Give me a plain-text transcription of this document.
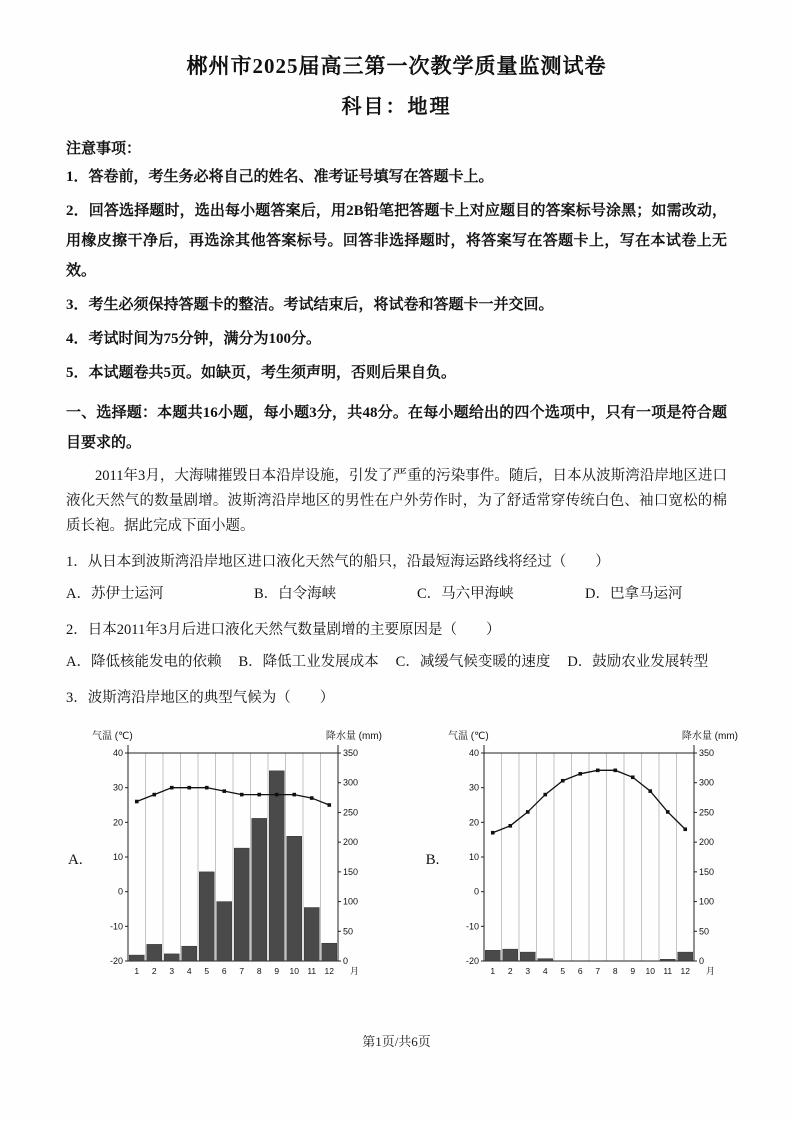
郴州市2025届高三第一次教学质量监测试卷
科目：地理
注意事项：
1．答卷前，考生务必将自己的姓名、准考证号填写在答题卡上。
2．回答选择题时，选出每小题答案后，用2B铅笔把答题卡上对应题目的答案标号涂黑；如需改动，用橡皮擦干净后，再选涂其他答案标号。回答非选择题时，将答案写在答题卡上，写在本试卷上无效。
3．考生必须保持答题卡的整洁。考试结束后，将试卷和答题卡一并交回。
4．考试时间为75分钟，满分为100分。
5．本试题卷共5页。如缺页，考生须声明，否则后果自负。
一、选择题：本题共16小题，每小题3分，共48分。在每小题给出的四个选项中，只有一项是符合题目要求的。
2011年3月，大海啸摧毁日本沿岸设施，引发了严重的污染事件。随后，日本从波斯湾沿岸地区进口液化天然气的数量剧增。波斯湾沿岸地区的男性在户外劳作时，为了舒适常穿传统白色、袖口宽松的棉质长袍。据此完成下面小题。
1．从日本到波斯湾沿岸地区进口液化天然气的船只，沿最短海运路线将经过（　　）
A．苏伊士运河	B．白令海峡	C．马六甲海峡	D．巴拿马运河
2．日本2011年3月后进口液化天然气数量剧增的主要原因是（　　）
A．降低核能发电的依赖 B．降低工业发展成本 C．减缓气候变暖的速度 D．鼓励农业发展转型
3．波斯湾沿岸地区的典型气候为（　　）
A.
-20
-10
0
10
20
30
40
0
50
100
150
200
250
300
350
1 2 3 4 5 6 7 8 9 10 11 12 月
气温 (℃)	降水量 (mm)
B.
-20
-10
0
10
20
30
40
0
50
100
150
200
250
300
350
1 2 3 4 5 6 7 8 9 10 11 12 月
气温 (℃)	降水量 (mm)
第1页/共6页
